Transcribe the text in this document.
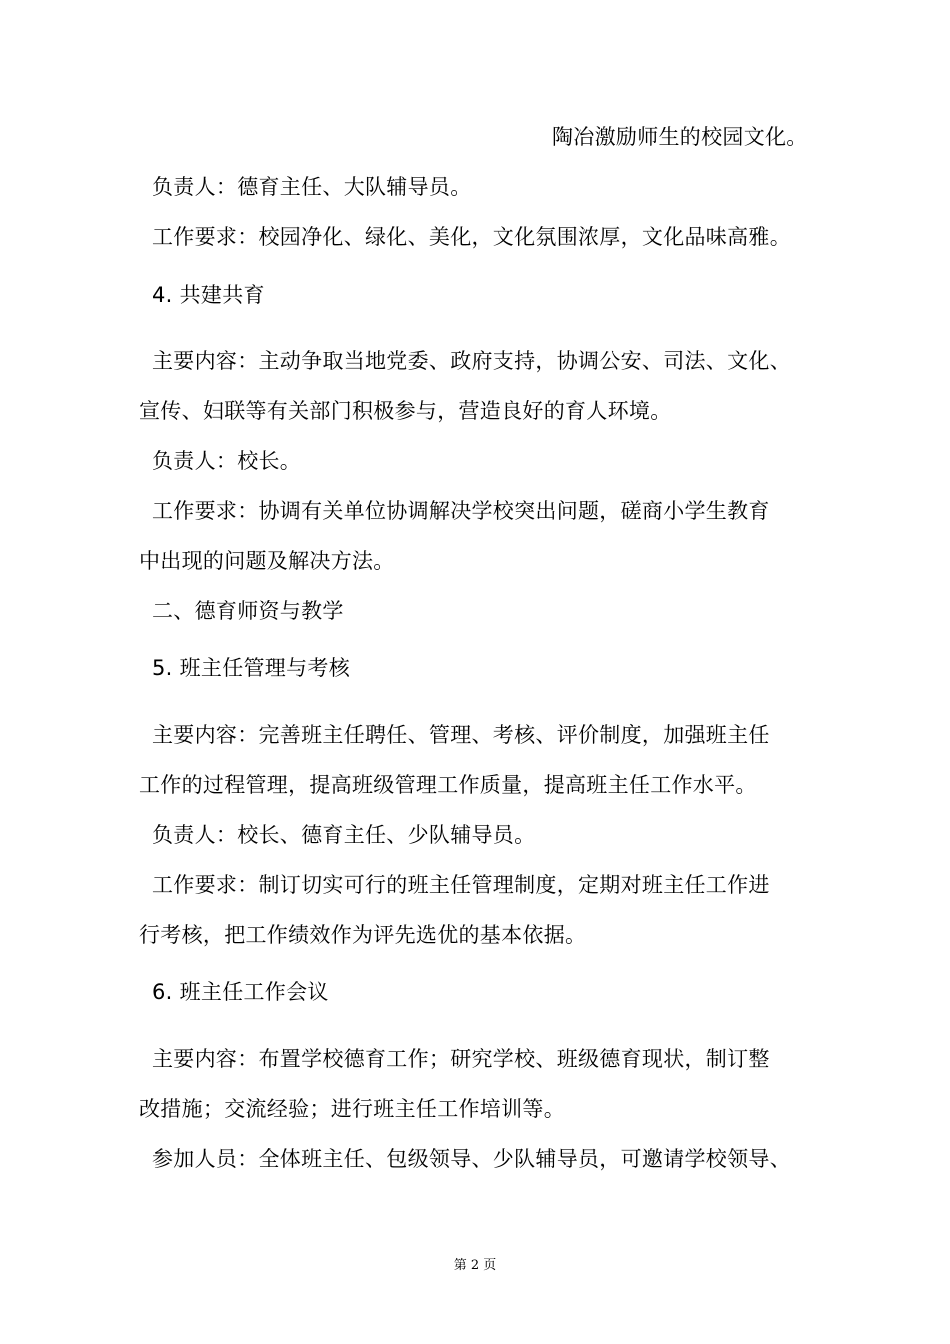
陶冶激励师生的校园文化。
负责人：德育主任、大队辅导员。
工作要求：校园净化、绿化、美化，文化氛围浓厚，文化品味高雅。
4. 共建共育
主要内容：主动争取当地党委、政府支持，协调公安、司法、文化、
宣传、妇联等有关部门积极参与，营造良好的育人环境。
负责人：校长。
工作要求：协调有关单位协调解决学校突出问题，磋商小学生教育
中出现的问题及解决方法。
二、德育师资与教学
5. 班主任管理与考核
主要内容：完善班主任聘任、管理、考核、评价制度，加强班主任
工作的过程管理，提高班级管理工作质量，提高班主任工作水平。
负责人：校长、德育主任、少队辅导员。
工作要求：制订切实可行的班主任管理制度，定期对班主任工作进
行考核，把工作绩效作为评先选优的基本依据。
6. 班主任工作会议
主要内容：布置学校德育工作；研究学校、班级德育现状，制订整
改措施；交流经验；进行班主任工作培训等。
参加人员：全体班主任、包级领导、少队辅导员，可邀请学校领导、
第 2 页
